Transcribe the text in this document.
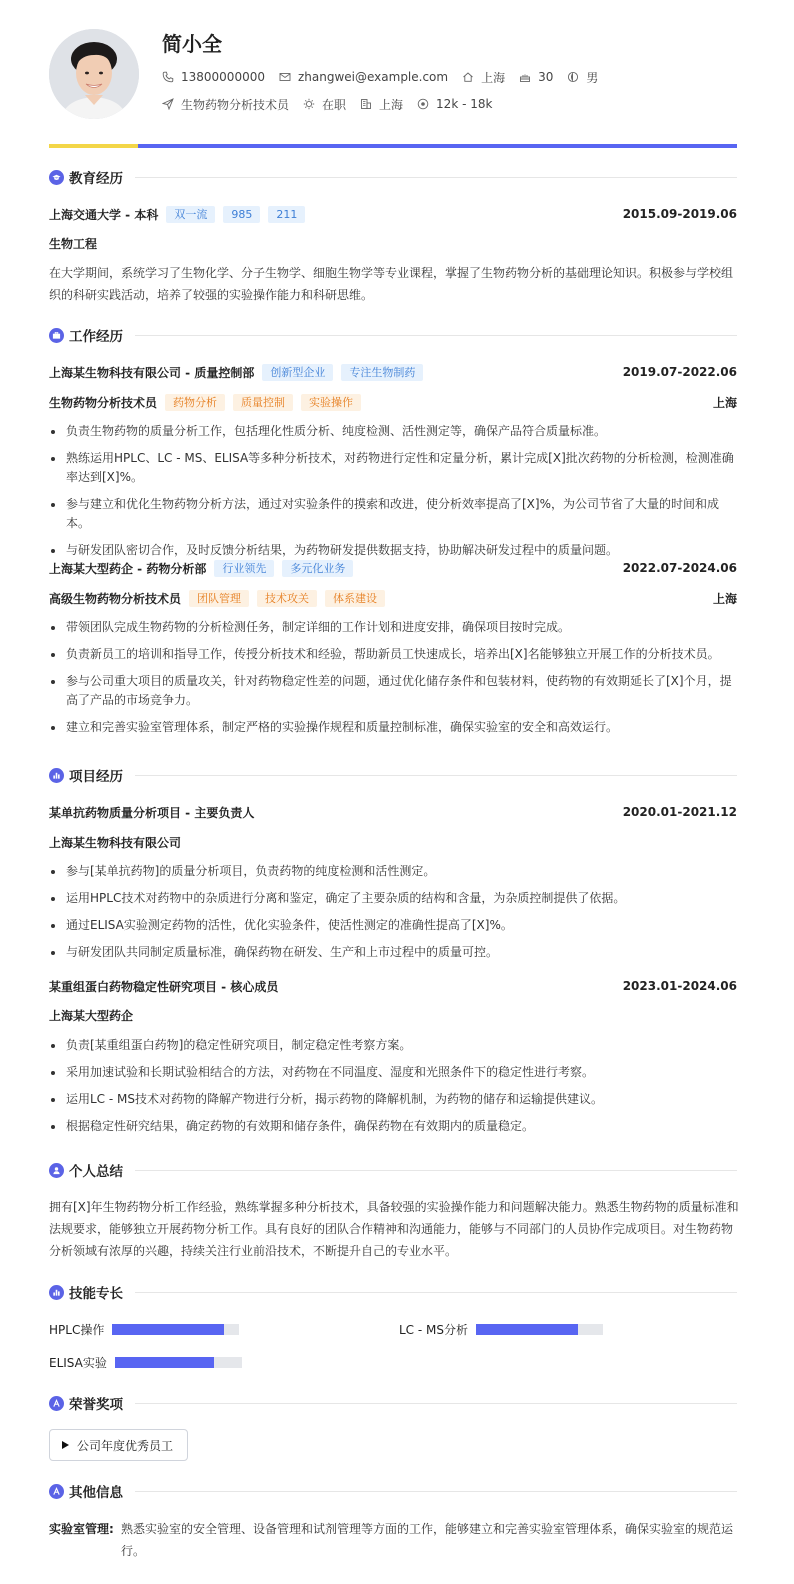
简小全
13800000000	zhangwei@example.com	上海	30	男
生物药物分析技术员	在职	上海	12k - 18k
教育经历
上海交通大学 - 本科	双一流	985	211	2015.09-2019.06
生物工程
在大学期间，系统学习了生物化学、分子生物学、细胞生物学等专业课程，掌握了生物药物分析的基础理论知识。积极参与学校组织的科研实践活动，培养了较强的实验操作能力和科研思维。
工作经历
上海某生物科技有限公司 - 质量控制部	创新型企业	专注生物制药	2019.07-2022.06
生物药物分析技术员	药物分析	质量控制	实验操作	上海
负责生物药物的质量分析工作，包括理化性质分析、纯度检测、活性测定等，确保产品符合质量标准。
熟练运用HPLC、LC - MS、ELISA等多种分析技术，对药物进行定性和定量分析，累计完成[X]批次药物的分析检测，检测准确率达到[X]%。
参与建立和优化生物药物分析方法，通过对实验条件的摸索和改进，使分析效率提高了[X]%，为公司节省了大量的时间和成本。
与研发团队密切合作，及时反馈分析结果，为药物研发提供数据支持，协助解决研发过程中的质量问题。
上海某大型药企 - 药物分析部	行业领先	多元化业务	2022.07-2024.06
高级生物药物分析技术员	团队管理	技术攻关	体系建设	上海
带领团队完成生物药物的分析检测任务，制定详细的工作计划和进度安排，确保项目按时完成。
负责新员工的培训和指导工作，传授分析技术和经验，帮助新员工快速成长，培养出[X]名能够独立开展工作的分析技术员。
参与公司重大项目的质量攻关，针对药物稳定性差的问题，通过优化储存条件和包装材料，使药物的有效期延长了[X]个月，提高了产品的市场竞争力。
建立和完善实验室管理体系，制定严格的实验操作规程和质量控制标准，确保实验室的安全和高效运行。
项目经历
某单抗药物质量分析项目 - 主要负责人	2020.01-2021.12
上海某生物科技有限公司
参与[某单抗药物]的质量分析项目，负责药物的纯度检测和活性测定。
运用HPLC技术对药物中的杂质进行分离和鉴定，确定了主要杂质的结构和含量，为杂质控制提供了依据。
通过ELISA实验测定药物的活性，优化实验条件，使活性测定的准确性提高了[X]%。
与研发团队共同制定质量标准，确保药物在研发、生产和上市过程中的质量可控。
某重组蛋白药物稳定性研究项目 - 核心成员	2023.01-2024.06
上海某大型药企
负责[某重组蛋白药物]的稳定性研究项目，制定稳定性考察方案。
采用加速试验和长期试验相结合的方法，对药物在不同温度、湿度和光照条件下的稳定性进行考察。
运用LC - MS技术对药物的降解产物进行分析，揭示药物的降解机制，为药物的储存和运输提供建议。
根据稳定性研究结果，确定药物的有效期和储存条件，确保药物在有效期内的质量稳定。
个人总结
拥有[X]年生物药物分析工作经验，熟练掌握多种分析技术，具备较强的实验操作能力和问题解决能力。熟悉生物药物的质量标准和法规要求，能够独立开展药物分析工作。具有良好的团队合作精神和沟通能力，能够与不同部门的人员协作完成项目。对生物药物分析领域有浓厚的兴趣，持续关注行业前沿技术，不断提升自己的专业水平。
技能专长
HPLC操作	LC - MS分析
ELISA实验
荣誉奖项
公司年度优秀员工
其他信息
实验室管理: 熟悉实验室的安全管理、设备管理和试剂管理等方面的工作，能够建立和完善实验室管理体系，确保实验室的规范运行。
